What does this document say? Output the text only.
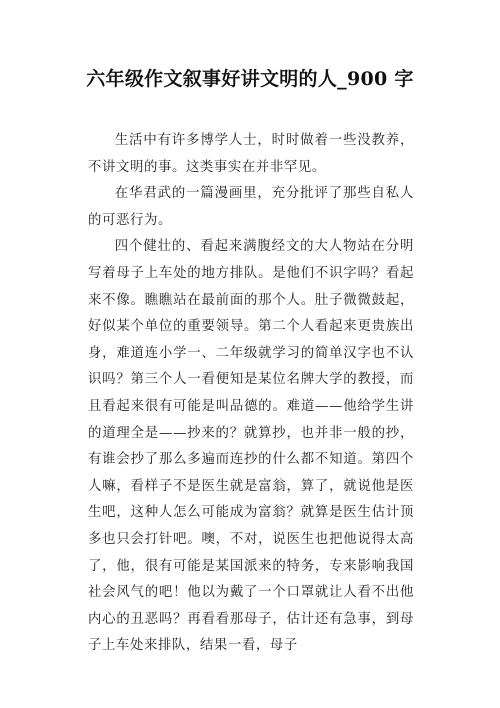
六年级作文叙事好讲文明的人_900 字

生活中有许多博学人士，时时做着一些没教养，不讲文明的事。这类事实在并非罕见。

在华君武的一篇漫画里，充分批评了那些自私人的可恶行为。

四个健壮的、看起来满腹经文的大人物站在分明写着母子上车处的地方排队。是他们不识字吗？看起来不像。瞧瞧站在最前面的那个人。肚子微微鼓起，好似某个单位的重要领导。第二个人看起来更贵族出身，难道连小学一、二年级就学习的简单汉字也不认识吗？第三个人一看便知是某位名牌大学的教授，而且看起来很有可能是叫品德的。难道——他给学生讲的道理全是——抄来的？就算抄，也并非一般的抄，有谁会抄了那么多遍而连抄的什么都不知道。第四个人嘛，看样子不是医生就是富翁，算了，就说他是医生吧，这种人怎么可能成为富翁？就算是医生估计顶多也只会打针吧。噢，不对，说医生也把他说得太高了，他，很有可能是某国派来的特务，专来影响我国社会风气的吧！他以为戴了一个口罩就让人看不出他内心的丑恶吗？再看看那母子，估计还有急事，到母子上车处来排队，结果一看，母子
